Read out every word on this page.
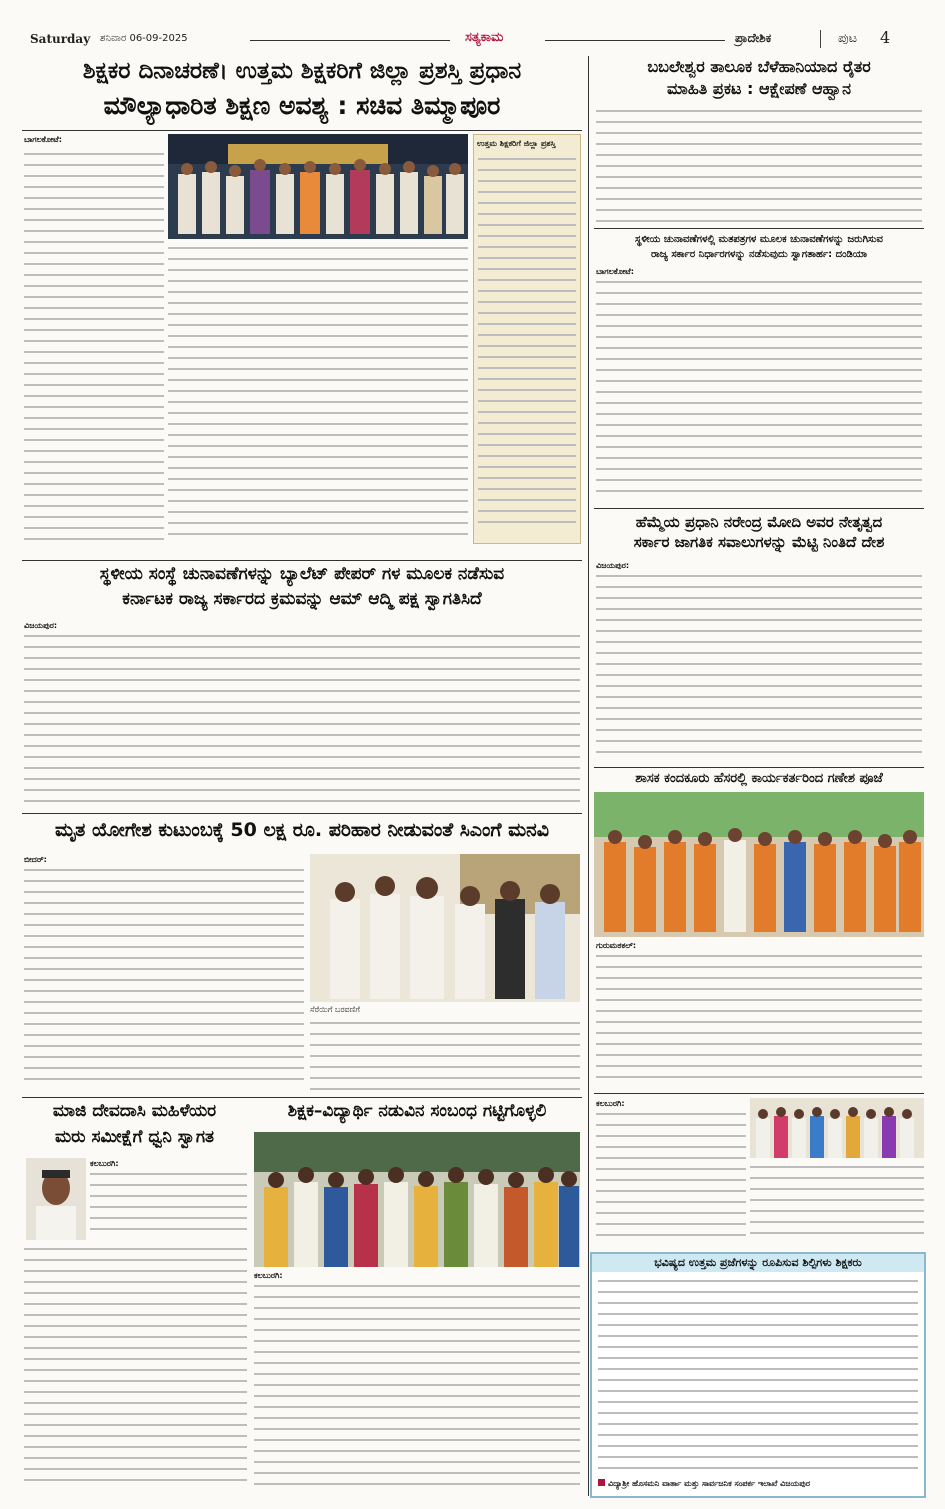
Saturday ಶನಿವಾರ 06-09-2025	ಸತ್ಯಕಾಮ	ಪ್ರಾದೇಶಿಕ	ಪುಟ 4
ಶಿಕ್ಷಕರ ದಿನಾಚರಣೆ। ಉತ್ತಮ ಶಿಕ್ಷಕರಿಗೆ ಜಿಲ್ಲಾ ಪ್ರಶಸ್ತಿ ಪ್ರಧಾನ
ಮೌಲ್ಯಾಧಾರಿತ ಶಿಕ್ಷಣ ಅವಶ್ಯ : ಸಚಿವ ತಿಮ್ಮಾಪೂರ
ಬಾಗಲಕೋಟೆ:	ಉತ್ತಮ ಶಿಕ್ಷಕರಿಗೆ ಜಿಲ್ಲಾ ಪ್ರಶಸ್ತಿ
ಬಬಲೇಶ್ವರ ತಾಲೂಕ ಬೆಳೆಹಾನಿಯಾದ ರೈತರ
ಮಾಹಿತಿ ಪ್ರಕಟ : ಆಕ್ಷೇಪಣೆ ಆಹ್ವಾನ
ಸ್ಥಳೀಯ ಚುನಾವಣೆಗಳಲ್ಲಿ ಮತಪತ್ರಗಳ ಮೂಲಕ ಚುನಾವಣೆಗಳನ್ನು ಜರುಗಿಸುವ
ರಾಜ್ಯ ಸರ್ಕಾರ ನಿರ್ಧಾರಗಳನ್ನು ನಡೆಸುವುದು ಸ್ವಾಗತಾರ್ಹ: ದಂಡಿಯಾ
ಬಾಗಲಕೋಟೆ:
ಹೆಮ್ಮೆಯ ಪ್ರಧಾನಿ ನರೇಂದ್ರ ಮೋದಿ ಅವರ ನೇತೃತ್ವದ
ಸರ್ಕಾರ ಜಾಗತಿಕ ಸವಾಲುಗಳನ್ನು ಮೆಟ್ಟಿ ನಿಂತಿದೆ ದೇಶ
ವಿಜಯಪುರ:
ಸ್ಥಳೀಯ ಸಂಸ್ಥೆ ಚುನಾವಣೆಗಳನ್ನು ಬ್ಯಾಲೆಟ್ ಪೇಪರ್ ಗಳ ಮೂಲಕ ನಡೆಸುವ
ಕರ್ನಾಟಕ ರಾಜ್ಯ ಸರ್ಕಾರದ ಕ್ರಮವನ್ನು ಆಮ್ ಆದ್ಮಿ ಪಕ್ಷ ಸ್ವಾಗತಿಸಿದೆ
ವಿಜಯಪುರ:
ಶಾಸಕ ಕಂದಕೂರು ಹೆಸರಲ್ಲಿ ಕಾರ್ಯಕರ್ತರಿಂದ ಗಣೇಶ ಪೂಜೆ
ಗುರುಮಠಕಲ್:
ಮೃತ ಯೋಗೇಶ ಕುಟುಂಬಕ್ಕೆ 50 ಲಕ್ಷ ರೂ. ಪರಿಹಾರ ನೀಡುವಂತೆ ಸಿಎಂಗೆ ಮನವಿ
ಬೀದರ್:
ಸೆರೆಯಿಗೆ ಬರವಣಿಗೆ
ಮಾಜಿ ದೇವದಾಸಿ ಮಹಿಳೆಯರ
ಮರು ಸಮೀಕ್ಷೆಗೆ ಧ್ವನಿ ಸ್ವಾಗತ
ಕಲಬುರಗಿ:
ಶಿಕ್ಷಕ–ವಿದ್ಯಾರ್ಥಿ ನಡುವಿನ ಸಂಬಂಧ ಗಟ್ಟಿಗೊಳ್ಳಲಿ
ಕಲಬುರಗಿ:
ಕಲಬುರಗಿ:
ಭವಿಷ್ಯದ ಉತ್ತಮ ಪ್ರಜೆಗಳನ್ನು ರೂಪಿಸುವ ಶಿಲ್ಪಿಗಳು ಶಿಕ್ಷಕರು
ವಿದ್ಯಾಶ್ರೀ ಹೊಸಮನಿ ವಾರ್ತಾ ಮತ್ತು ಸಾರ್ವಜನಿಕ ಸಂಪರ್ಕ ಇಲಾಖೆ ವಿಜಯಪುರ
